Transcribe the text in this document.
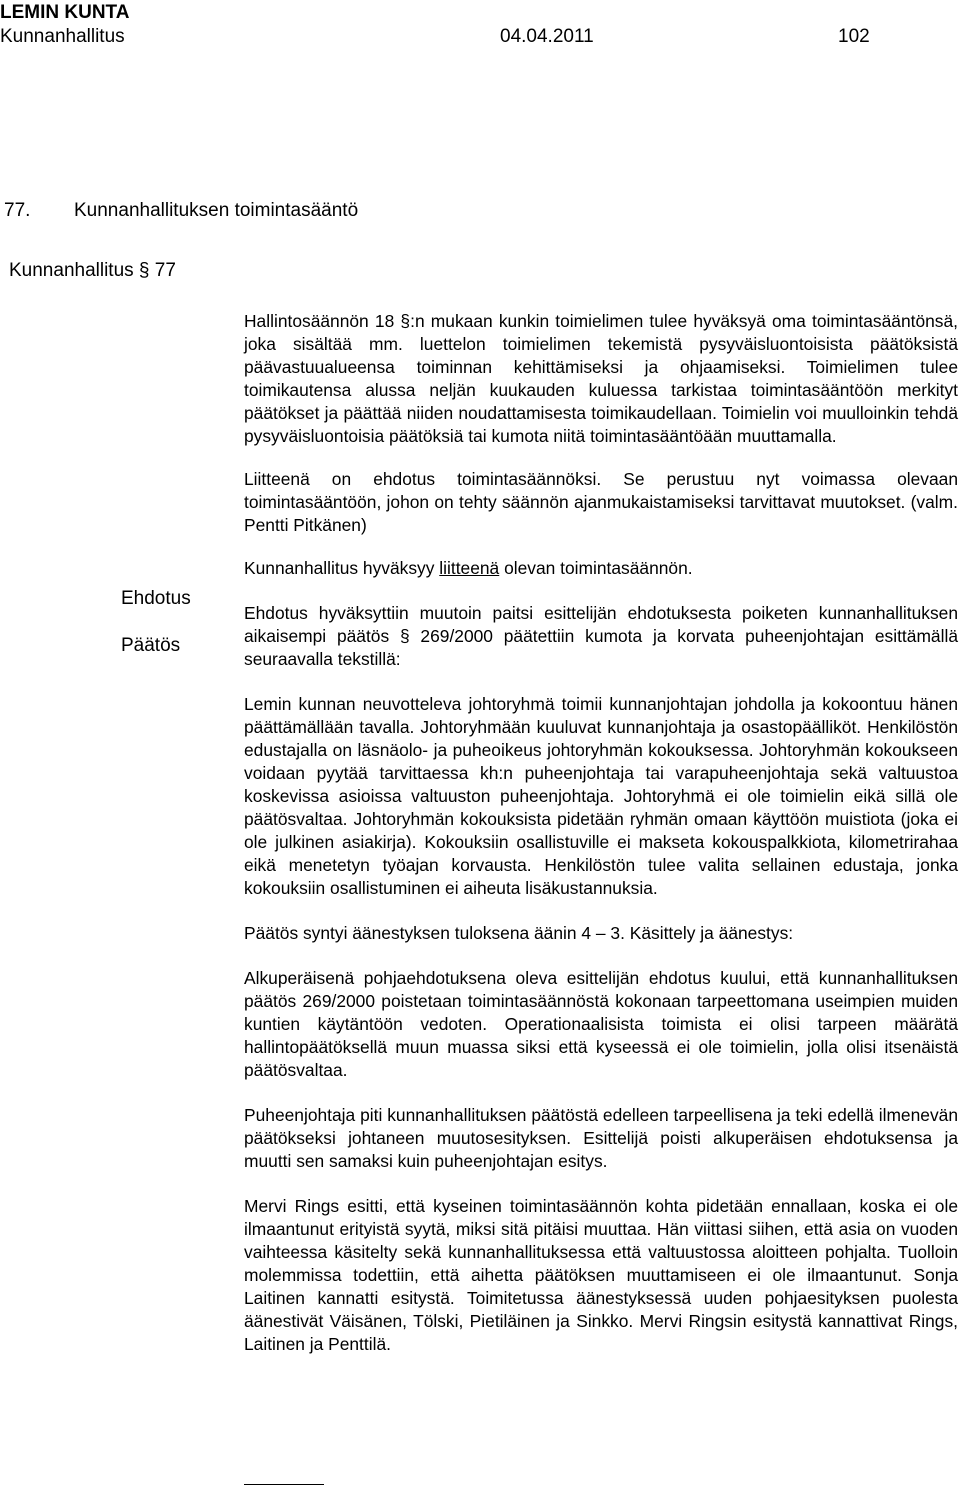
LEMIN KUNTA
Kunnanhallitus	04.04.2011	102
77. Kunnanhallituksen toimintasääntö
Kunnanhallitus § 77
Ehdotus
Päätös

Hallintosäännön 18 §:n mukaan kunkin toimielimen tulee hyväksyä oma toimintasääntönsä, joka sisältää mm. luettelon toimielimen tekemistä pysyväisluontoisista päätöksistä päävastuualueensa toiminnan kehittämiseksi ja ohjaamiseksi. Toimielimen tulee toimikautensa alussa neljän kuukauden kuluessa tarkistaa toimintasääntöön merkityt päätökset ja päättää niiden noudattamisesta toimikaudellaan. Toimielin voi muulloinkin tehdä pysyväisluontoisia päätöksiä tai kumota niitä toimintasääntöään muuttamalla.

Liitteenä on ehdotus toimintasäännöksi. Se perustuu nyt voimassa olevaan toimintasääntöön, johon on tehty säännön ajanmukaistamiseksi tarvittavat muutokset. (valm. Pentti Pitkänen)

Kunnanhallitus hyväksyy liitteenä olevan toimintasäännön.

Ehdotus hyväksyttiin muutoin paitsi esittelijän ehdotuksesta poiketen kunnanhallituksen aikaisempi päätös § 269/2000 päätettiin kumota ja korvata puheenjohtajan esittämällä seuraavalla tekstillä:

Lemin kunnan neuvotteleva johtoryhmä toimii kunnanjohtajan johdolla ja kokoontuu hänen päättämällään tavalla. Johtoryhmään kuuluvat kunnanjohtaja ja osastopäälliköt. Henkilöstön edustajalla on läsnäolo- ja puheoikeus johtoryhmän kokouksessa. Johtoryhmän kokoukseen voidaan pyytää tarvittaessa kh:n puheenjohtaja tai varapuheenjohtaja sekä valtuustoa koskevissa asioissa valtuuston puheenjohtaja. Johtoryhmä ei ole toimielin eikä sillä ole päätösvaltaa. Johtoryhmän kokouksista pidetään ryhmän omaan käyttöön muistiota (joka ei ole julkinen asiakirja). Kokouksiin osallistuville ei makseta kokouspalkkiota, kilometrirahaa eikä menetetyn työajan korvausta. Henkilöstön tulee valita sellainen edustaja, jonka kokouksiin osallistuminen ei aiheuta lisäkustannuksia.

Päätös syntyi äänestyksen tuloksena äänin 4 – 3. Käsittely ja äänestys:

Alkuperäisenä pohjaehdotuksena oleva esittelijän ehdotus kuului, että kunnanhallituksen päätös 269/2000 poistetaan toimintasäännöstä kokonaan tarpeettomana useimpien muiden kuntien käytäntöön vedoten. Operationaalisista toimista ei olisi tarpeen määrätä hallintopäätöksellä muun muassa siksi että kyseessä ei ole toimielin, jolla olisi itsenäistä päätösvaltaa.

Puheenjohtaja piti kunnanhallituksen päätöstä edelleen tarpeellisena ja teki edellä ilmenevän päätökseksi johtaneen muutosesityksen. Esittelijä poisti alkuperäisen ehdotuksensa ja muutti sen samaksi kuin puheenjohtajan esitys.

Mervi Rings esitti, että kyseinen toimintasäännön kohta pidetään ennallaan, koska ei ole ilmaantunut erityistä syytä, miksi sitä pitäisi muuttaa. Hän viittasi siihen, että asia on vuoden vaihteessa käsitelty sekä kunnanhallituksessa että valtuustossa aloitteen pohjalta. Tuolloin molemmissa todettiin, että aihetta päätöksen muuttamiseen ei ole ilmaantunut. Sonja Laitinen kannatti esitystä. Toimitetussa äänestyksessä uuden pohjaesityksen puolesta äänestivät Väisänen, Tölski, Pietiläinen ja Sinkko. Mervi Ringsin esitystä kannattivat Rings, Laitinen ja Penttilä.
